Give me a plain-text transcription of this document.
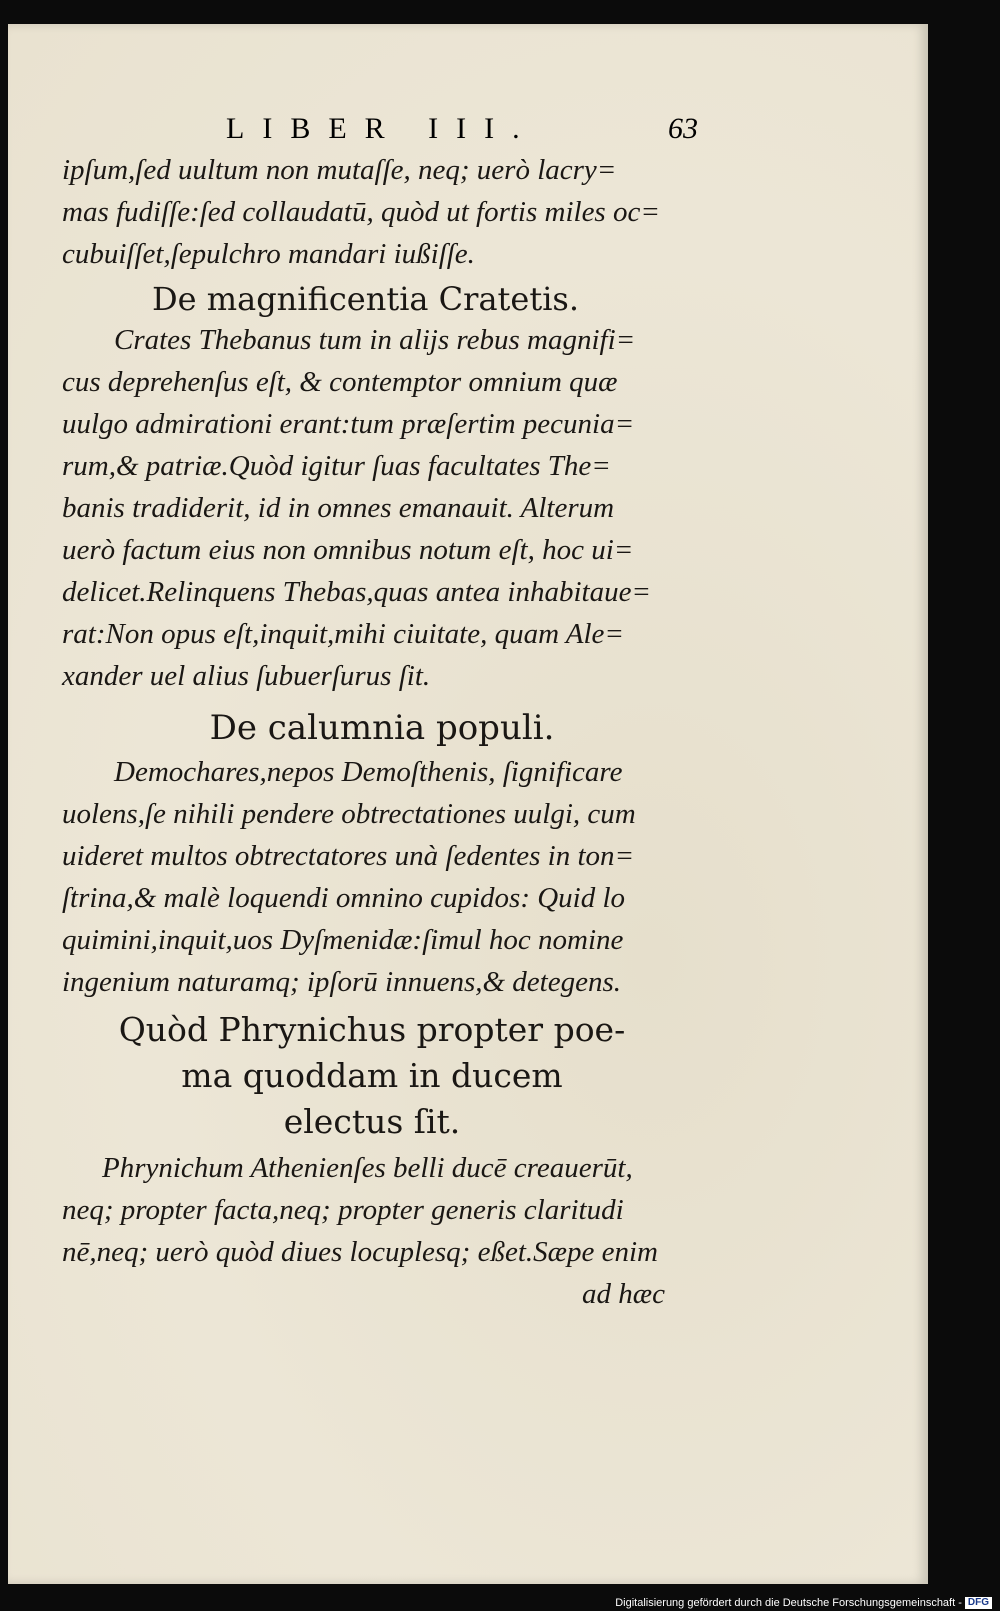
LIBER III.	63
ipſum,ſed uultum non mutaſſe, neq; uerò lacry=
mas fudiſſe:ſed collaudatū, quòd ut fortis miles oc=
cubuiſſet,ſepulchro mandari iußiſſe.
De magnificentia Cratetis.
Crates Thebanus tum in alijs rebus magnifi=
cus deprehenſus eſt, & contemptor omnium quæ
uulgo admirationi erant:tum præſertim pecunia=
rum,& patriæ.Quòd igitur ſuas facultates The=
banis tradiderit, id in omnes emanauit. Alterum
uerò factum eius non omnibus notum eſt, hoc ui=
delicet.Relinquens Thebas,quas antea inhabitaue=
rat:Non opus eſt,inquit,mihi ciuitate, quam Ale=
xander uel alius ſubuerſurus ſit.
De calumnia populi.
Demochares,nepos Demoſthenis, ſignificare
uolens,ſe nihili pendere obtrectationes uulgi, cum
uideret multos obtrectatores unà ſedentes in ton=
ſtrina,& malè loquendi omnino cupidos: Quid lo
quimini,inquit,uos Dyſmenidæ:ſimul hoc nomine
ingenium naturamq; ipſorū innuens,& detegens.
Quòd Phrynichus propter poe-
ma quoddam in ducem
electus ſit.
Phrynichum Athenienſes belli ducē creauerūt,
neq; propter facta,neq; propter generis claritudi
nē,neq; uerò quòd diues locuplesq; eßet.Sæpe enim
ad hæc
Digitalisierung gefördert durch die Deutsche Forschungsgemeinschaft - DFG
